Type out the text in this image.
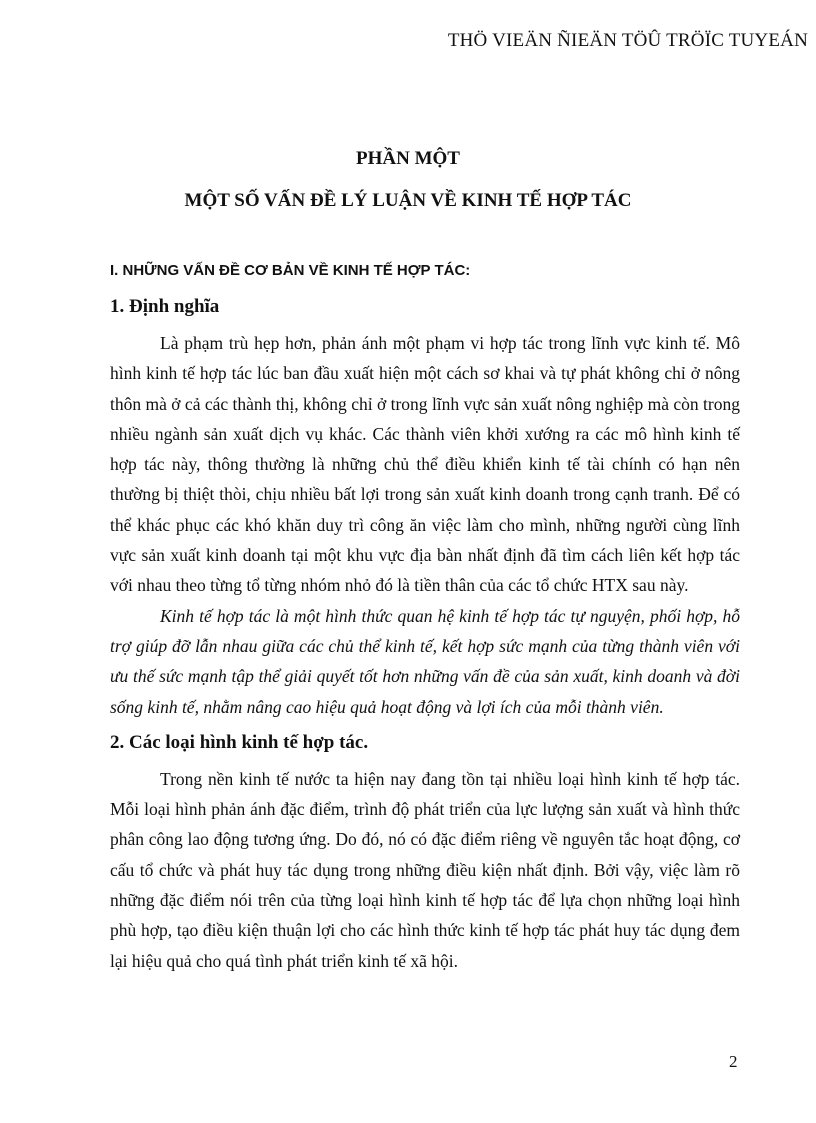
THÖ VIEÄN ÑIEÄN TÖÛ TRÖÏC TUYEÁN
PHẦN MỘT
MỘT SỐ VẤN ĐỀ LÝ LUẬN VỀ KINH TẾ HỢP TÁC
I. NHỮNG VẤN ĐỀ CƠ BẢN VỀ KINH TẾ HỢP TÁC:
1. Định nghĩa

Là phạm trù hẹp hơn, phản ánh một phạm vi hợp tác trong lĩnh vực kinh tế. Mô hình kinh tế hợp tác lúc ban đầu xuất hiện một cách sơ khai và tự phát không chỉ ở nông thôn mà ở cả các thành thị, không chỉ ở trong lĩnh vực sản xuất nông nghiệp mà còn trong nhiều ngành sản xuất dịch vụ khác. Các thành viên khởi xướng ra các mô hình kinh tế hợp tác này, thông thường là những chủ thể điều khiển kinh tế tài chính có hạn nên thường bị thiệt thòi, chịu nhiều bất lợi trong sản xuất kinh doanh trong cạnh tranh. Để có thể khác phục các khó khăn duy trì công ăn việc làm cho mình, những người cùng lĩnh vực sản xuất kinh doanh tại một khu vực địa bàn nhất định đã tìm cách liên kết hợp tác với nhau theo từng tổ từng nhóm nhỏ đó là tiền thân của các tổ chức HTX sau này.

Kinh tế hợp tác là một hình thức quan hệ kinh tế hợp tác tự nguyện, phối hợp, hỗ trợ giúp đỡ lẫn nhau giữa các chủ thể kinh tế, kết hợp sức mạnh của từng thành viên với ưu thế sức mạnh tập thể giải quyết tốt hơn những vấn đề của sản xuất, kinh doanh và đời sống kinh tế, nhằm nâng cao hiệu quả hoạt động và lợi ích của mỗi thành viên.

2. Các loại hình kinh tế hợp tác.

Trong nền kinh tế nước ta hiện nay đang tồn tại nhiều loại hình kinh tế hợp tác. Mỗi loại hình phản ánh đặc điểm, trình độ phát triển của lực lượng sản xuất và hình thức phân công lao động tương ứng. Do đó, nó có đặc điểm riêng về nguyên tắc hoạt động, cơ cấu tổ chức và phát huy tác dụng trong những điều kiện nhất định. Bởi vậy, việc làm rõ những đặc điểm nói trên của từng loại hình kinh tế hợp tác để lựa chọn những loại hình phù hợp, tạo điều kiện thuận lợi cho các hình thức kinh tế hợp tác phát huy tác dụng đem lại hiệu quả cho quá tình phát triển kinh tế xã hội.

2
